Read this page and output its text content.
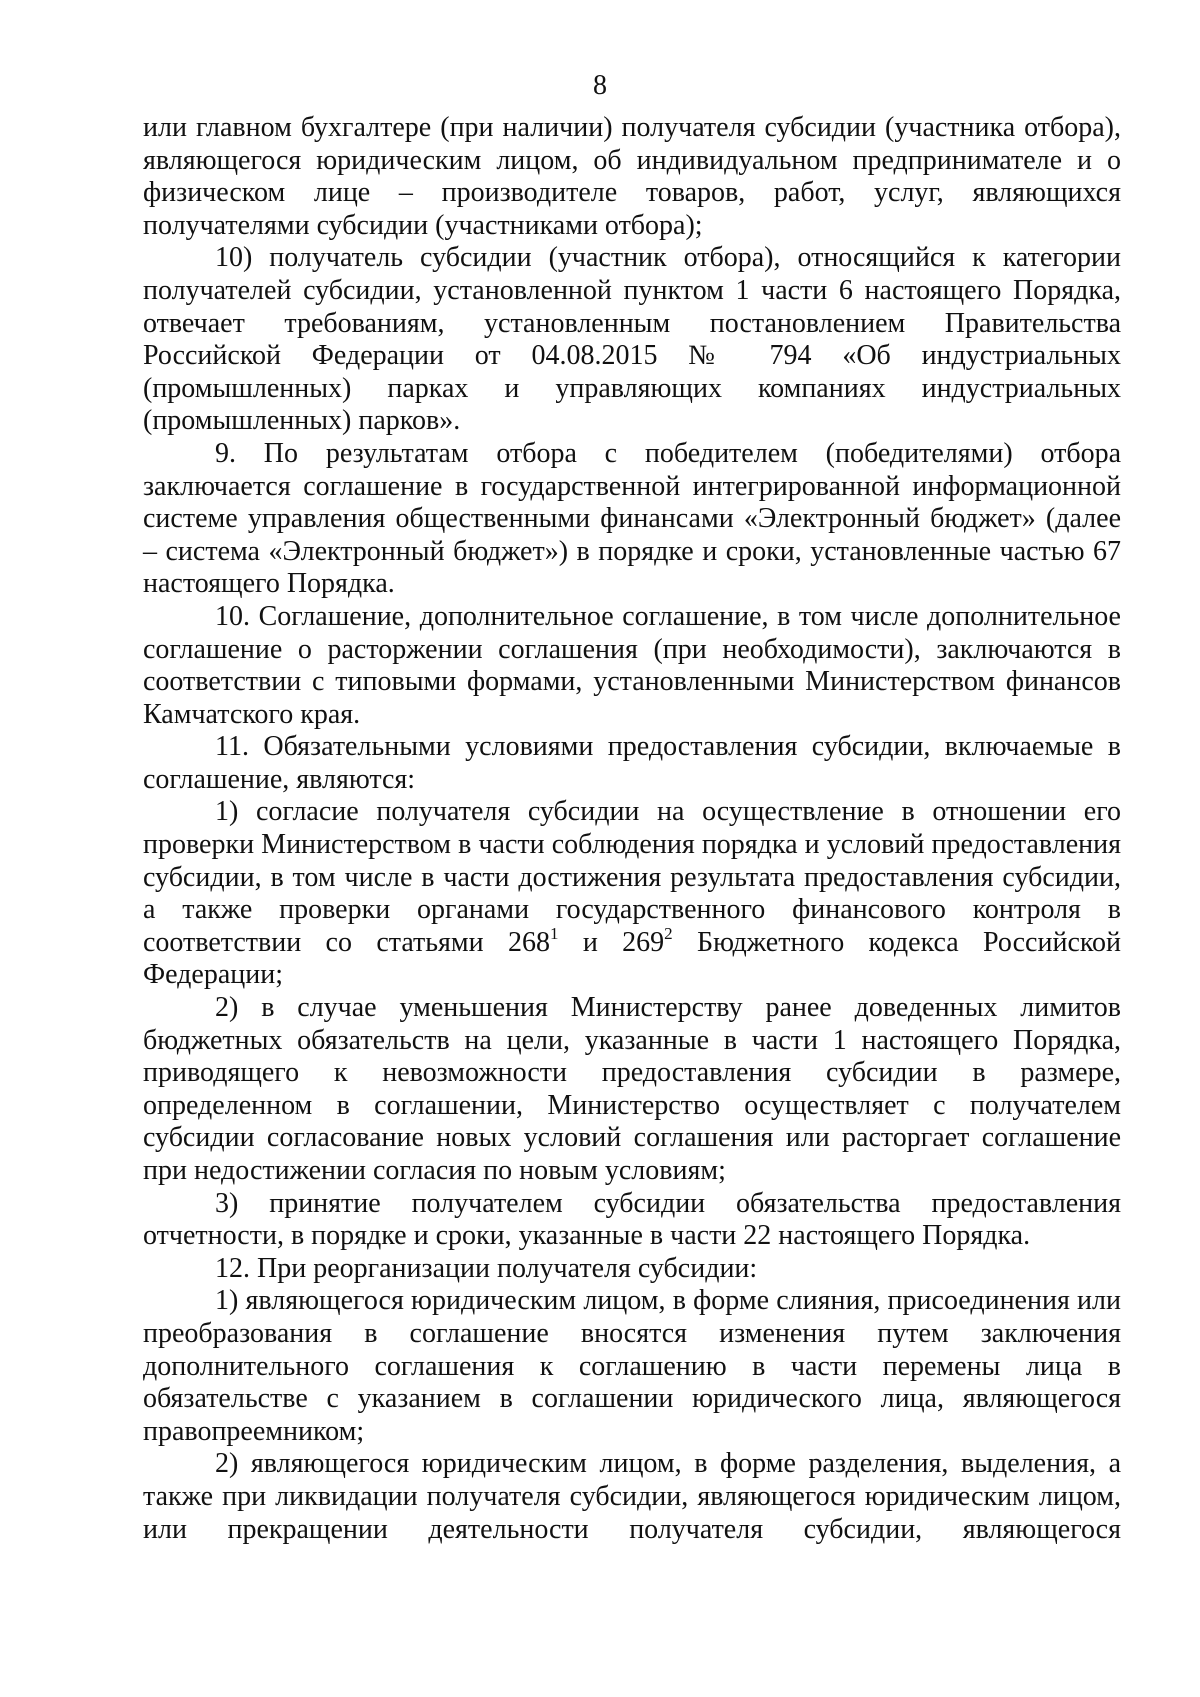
8

или главном бухгалтере (при наличии) получателя субсидии (участника отбора), являющегося юридическим лицом, об индивидуальном предпринимателе и о физическом лице – производителе товаров, работ, услуг, являющихся получателями субсидии (участниками отбора);

10) получатель субсидии (участник отбора), относящийся к категории получателей субсидии, установленной пунктом 1 части 6 настоящего Порядка, отвечает требованиям, установленным постановлением Правительства Российской Федерации от 04.08.2015 № 794 «Об индустриальных (промышленных) парках и управляющих компаниях индустриальных (промышленных) парков».

9. По результатам отбора с победителем (победителями) отбора заключается соглашение в государственной интегрированной информационной системе управления общественными финансами «Электронный бюджет» (далее – система «Электронный бюджет») в порядке и сроки, установленные частью 67 настоящего Порядка.

10. Соглашение, дополнительное соглашение, в том числе дополнительное соглашение о расторжении соглашения (при необходимости), заключаются в соответствии с типовыми формами, установленными Министерством финансов Камчатского края.

11. Обязательными условиями предоставления субсидии, включаемые в соглашение, являются:

1) согласие получателя субсидии на осуществление в отношении его проверки Министерством в части соблюдения порядка и условий предоставления субсидии, в том числе в части достижения результата предоставления субсидии, а также проверки органами государственного финансового контроля в соответствии со статьями $268^1$ и $269^2$ Бюджетного кодекса Российской Федерации;

2) в случае уменьшения Министерству ранее доведенных лимитов бюджетных обязательств на цели, указанные в части 1 настоящего Порядка, приводящего к невозможности предоставления субсидии в размере, определенном в соглашении, Министерство осуществляет с получателем субсидии согласование новых условий соглашения или расторгает соглашение при недостижении согласия по новым условиям;

3) принятие получателем субсидии обязательства предоставления отчетности, в порядке и сроки, указанные в части 22 настоящего Порядка.

12. При реорганизации получателя субсидии:

1) являющегося юридическим лицом, в форме слияния, присоединения или преобразования в соглашение вносятся изменения путем заключения дополнительного соглашения к соглашению в части перемены лица в обязательстве с указанием в соглашении юридического лица, являющегося правопреемником;

2) являющегося юридическим лицом, в форме разделения, выделения, а также при ликвидации получателя субсидии, являющегося юридическим лицом, или прекращении деятельности получателя субсидии, являющегося
